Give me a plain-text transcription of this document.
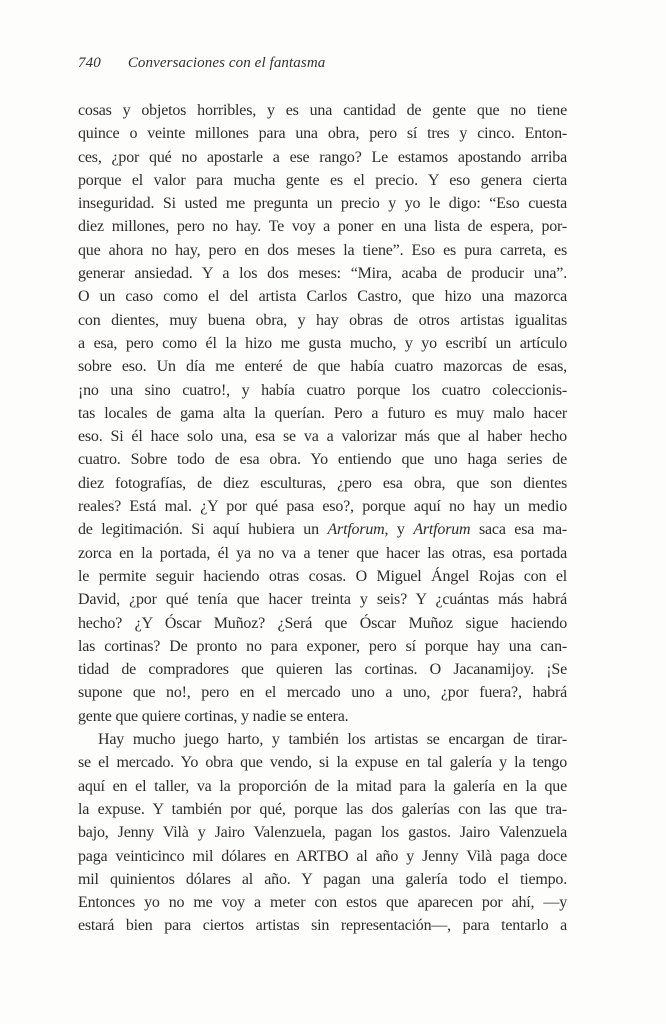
740 Conversaciones con el fantasma
cosas y objetos horribles, y es una cantidad de gente que no tiene
quince o veinte millones para una obra, pero sí tres y cinco. Enton-
ces, ¿por qué no apostarle a ese rango? Le estamos apostando arriba
porque el valor para mucha gente es el precio. Y eso genera cierta
inseguridad. Si usted me pregunta un precio y yo le digo: “Eso cuesta
diez millones, pero no hay. Te voy a poner en una lista de espera, por-
que ahora no hay, pero en dos meses la tiene”. Eso es pura carreta, es
generar ansiedad. Y a los dos meses: “Mira, acaba de producir una”.
O un caso como el del artista Carlos Castro, que hizo una mazorca
con dientes, muy buena obra, y hay obras de otros artistas igualitas
a esa, pero como él la hizo me gusta mucho, y yo escribí un artículo
sobre eso. Un día me enteré de que había cuatro mazorcas de esas,
¡no una sino cuatro!, y había cuatro porque los cuatro coleccionis-
tas locales de gama alta la querían. Pero a futuro es muy malo hacer
eso. Si él hace solo una, esa se va a valorizar más que al haber hecho
cuatro. Sobre todo de esa obra. Yo entiendo que uno haga series de
diez fotografías, de diez esculturas, ¿pero esa obra, que son dientes
reales? Está mal. ¿Y por qué pasa eso?, porque aquí no hay un medio
de legitimación. Si aquí hubiera un Artforum, y Artforum saca esa ma-
zorca en la portada, él ya no va a tener que hacer las otras, esa portada
le permite seguir haciendo otras cosas. O Miguel Ángel Rojas con el
David, ¿por qué tenía que hacer treinta y seis? Y ¿cuántas más habrá
hecho? ¿Y Óscar Muñoz? ¿Será que Óscar Muñoz sigue haciendo
las cortinas? De pronto no para exponer, pero sí porque hay una can-
tidad de compradores que quieren las cortinas. O Jacanamijoy. ¡Se
supone que no!, pero en el mercado uno a uno, ¿por fuera?, habrá
gente que quiere cortinas, y nadie se entera.
Hay mucho juego harto, y también los artistas se encargan de tirar-
se el mercado. Yo obra que vendo, si la expuse en tal galería y la tengo
aquí en el taller, va la proporción de la mitad para la galería en la que
la expuse. Y también por qué, porque las dos galerías con las que tra-
bajo, Jenny Vilà y Jairo Valenzuela, pagan los gastos. Jairo Valenzuela
paga veinticinco mil dólares en ARTBO al año y Jenny Vilà paga doce
mil quinientos dólares al año. Y pagan una galería todo el tiempo.
Entonces yo no me voy a meter con estos que aparecen por ahí, —y
estará bien para ciertos artistas sin representación—, para tentarlo a
